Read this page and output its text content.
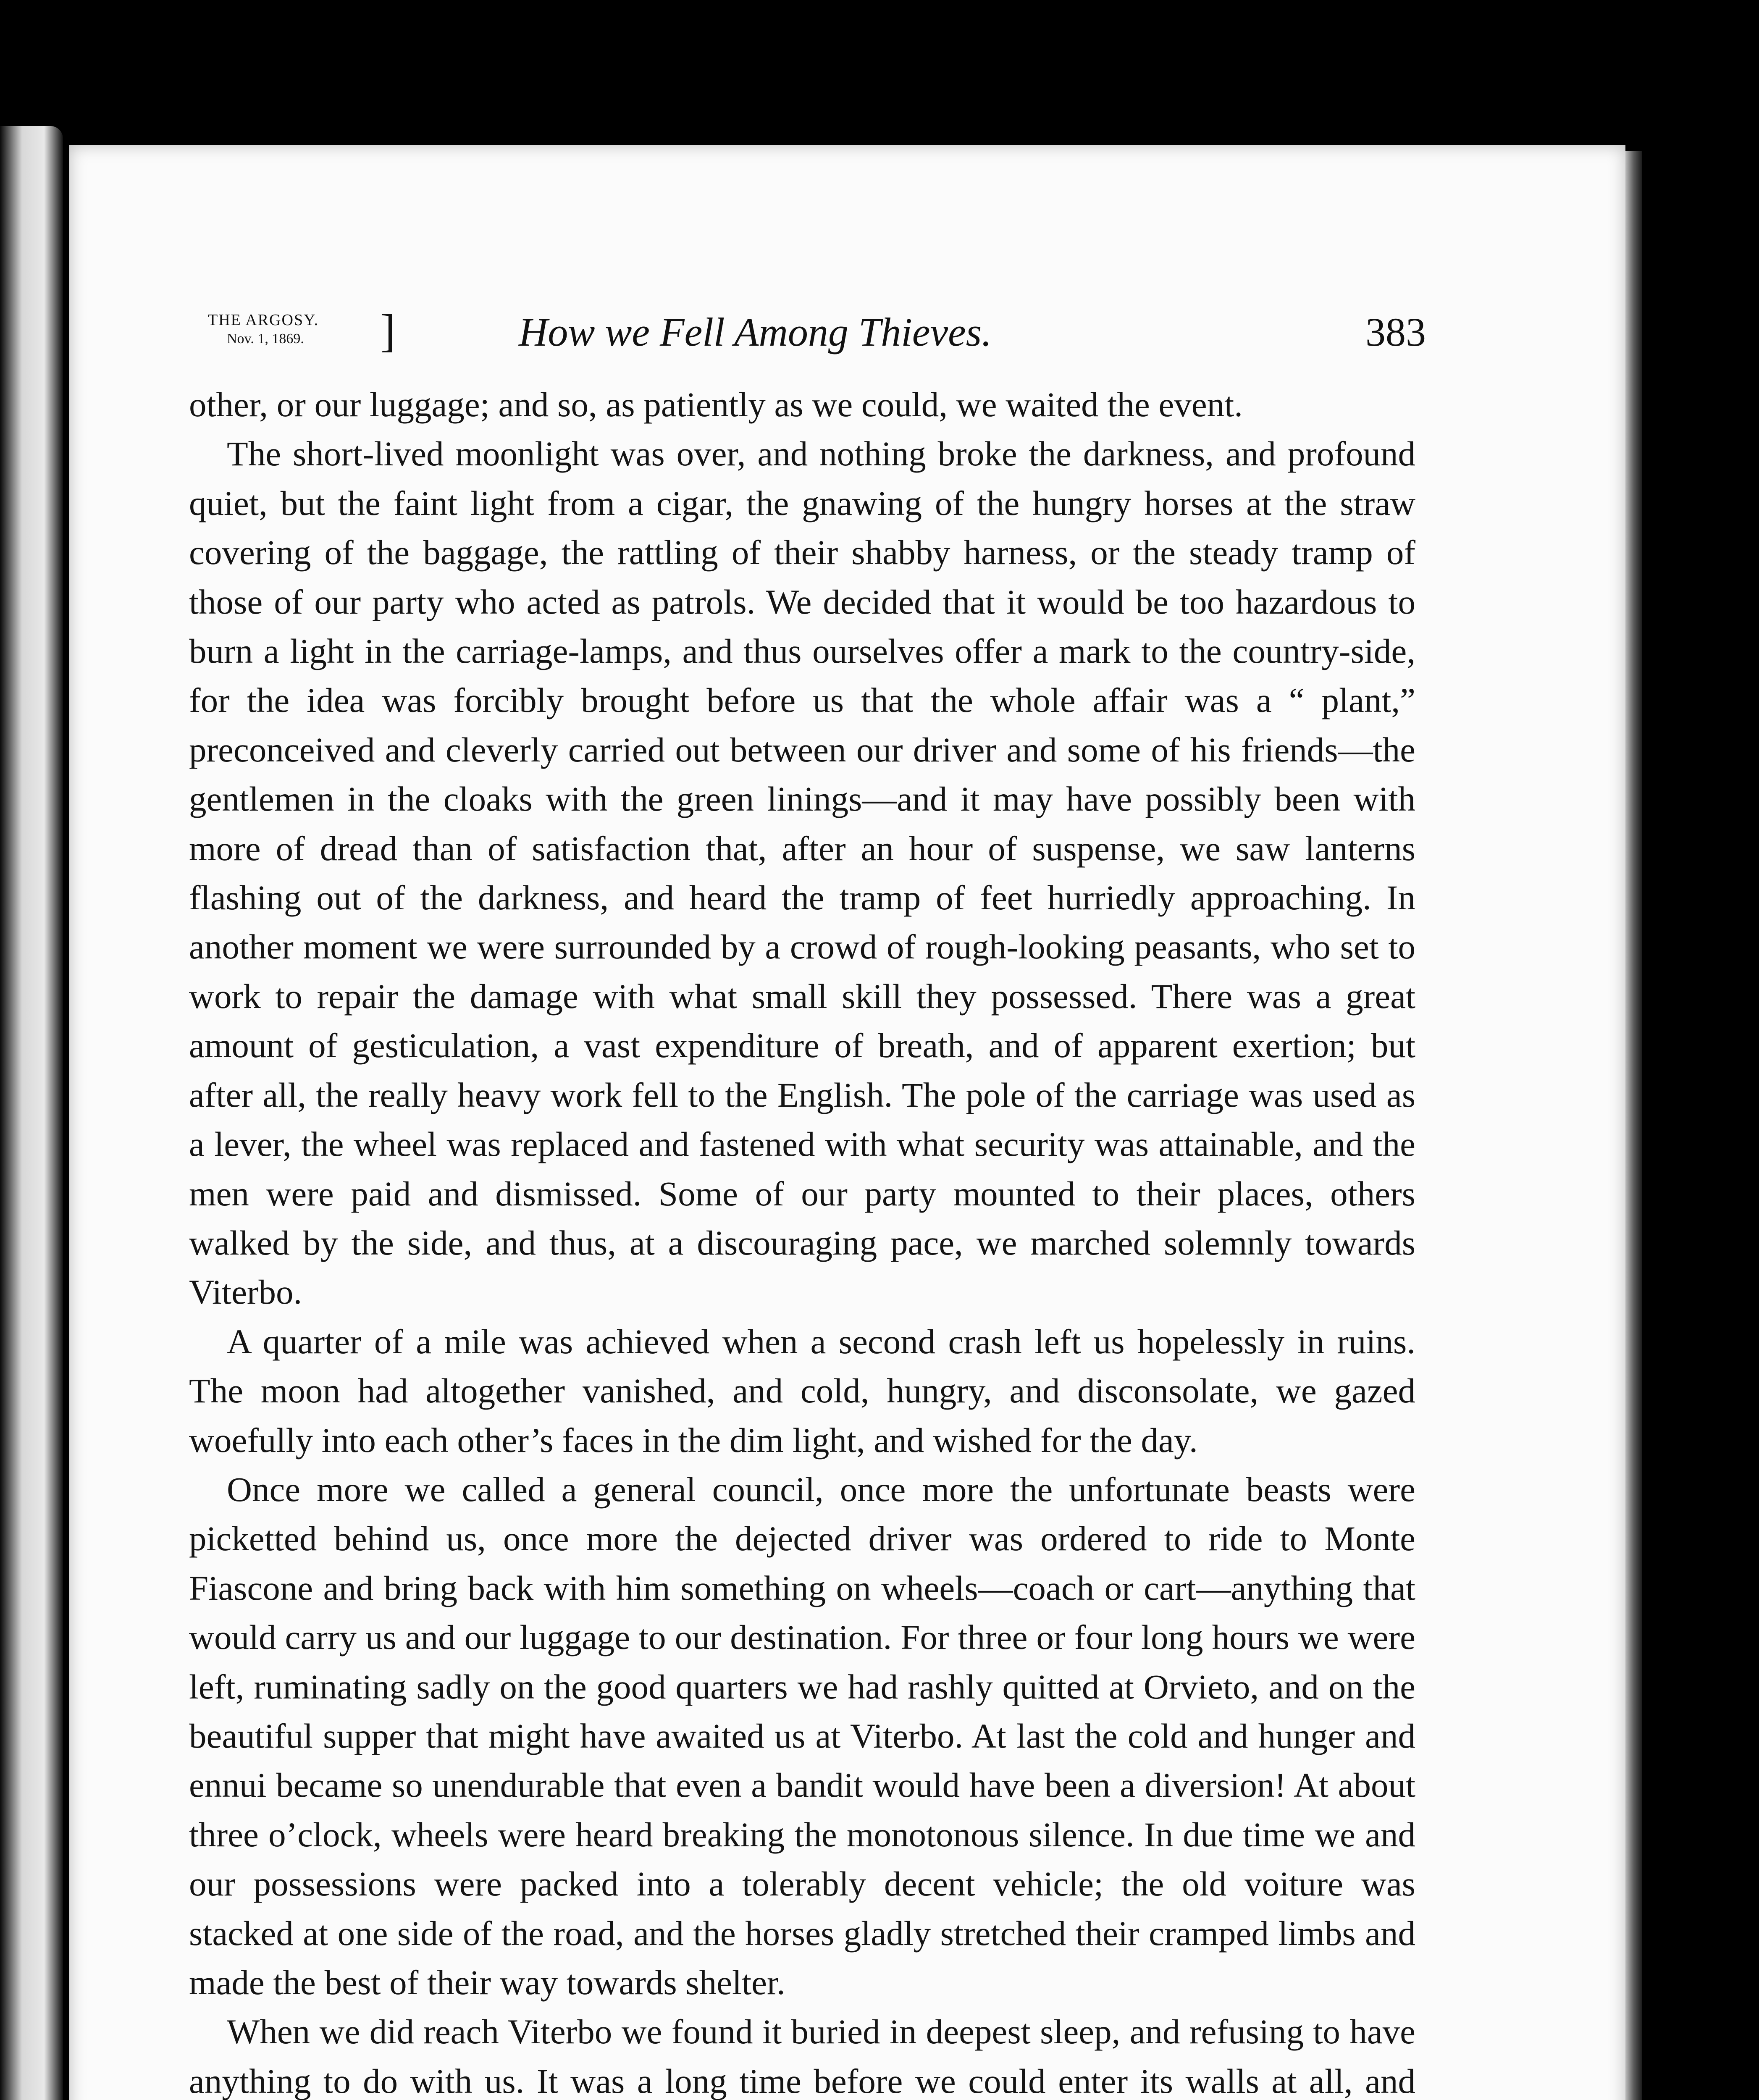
THE ARGOSY.
Nov. 1, 1869. ]	How we Fell Among Thieves.	383

other, or our luggage; and so, as patiently as we could, we waited the event.

The short-lived moonlight was over, and nothing broke the darkness, and profound quiet, but the faint light from a cigar, the gnawing of the hungry horses at the straw covering of the baggage, the rattling of their shabby harness, or the steady tramp of those of our party who acted as patrols. We decided that it would be too hazardous to burn a light in the carriage-lamps, and thus ourselves offer a mark to the country-side, for the idea was forcibly brought before us that the whole affair was a “ plant,” preconceived and cleverly carried out between our driver and some of his friends—the gentlemen in the cloaks with the green linings—and it may have possibly been with more of dread than of satisfaction that, after an hour of suspense, we saw lanterns flashing out of the darkness, and heard the tramp of feet hurriedly approaching. In another moment we were surrounded by a crowd of rough-looking peasants, who set to work to repair the damage with what small skill they possessed. There was a great amount of gesticulation, a vast expenditure of breath, and of apparent exertion; but after all, the really heavy work fell to the English. The pole of the carriage was used as a lever, the wheel was replaced and fastened with what security was attainable, and the men were paid and dismissed. Some of our party mounted to their places, others walked by the side, and thus, at a discouraging pace, we marched solemnly towards Viterbo.

A quarter of a mile was achieved when a second crash left us hopelessly in ruins. The moon had altogether vanished, and cold, hungry, and disconsolate, we gazed woefully into each other’s faces in the dim light, and wished for the day.

Once more we called a general council, once more the unfortunate beasts were picketted behind us, once more the dejected driver was ordered to ride to Monte Fiascone and bring back with him something on wheels—coach or cart—anything that would carry us and our luggage to our destination. For three or four long hours we were left, ruminating sadly on the good quarters we had rashly quitted at Orvieto, and on the beautiful supper that might have awaited us at Viterbo. At last the cold and hunger and ennui became so unendurable that even a bandit would have been a diversion! At about three o’clock, wheels were heard breaking the monotonous silence. In due time we and our possessions were packed into a tolerably decent vehicle; the old voiture was stacked at one side of the road, and the horses gladly stretched their cramped limbs and made the best of their way towards shelter.

When we did reach Viterbo we found it buried in deepest sleep, and refusing to have anything to do with us. It was a long time before we could enter its walls at all, and
